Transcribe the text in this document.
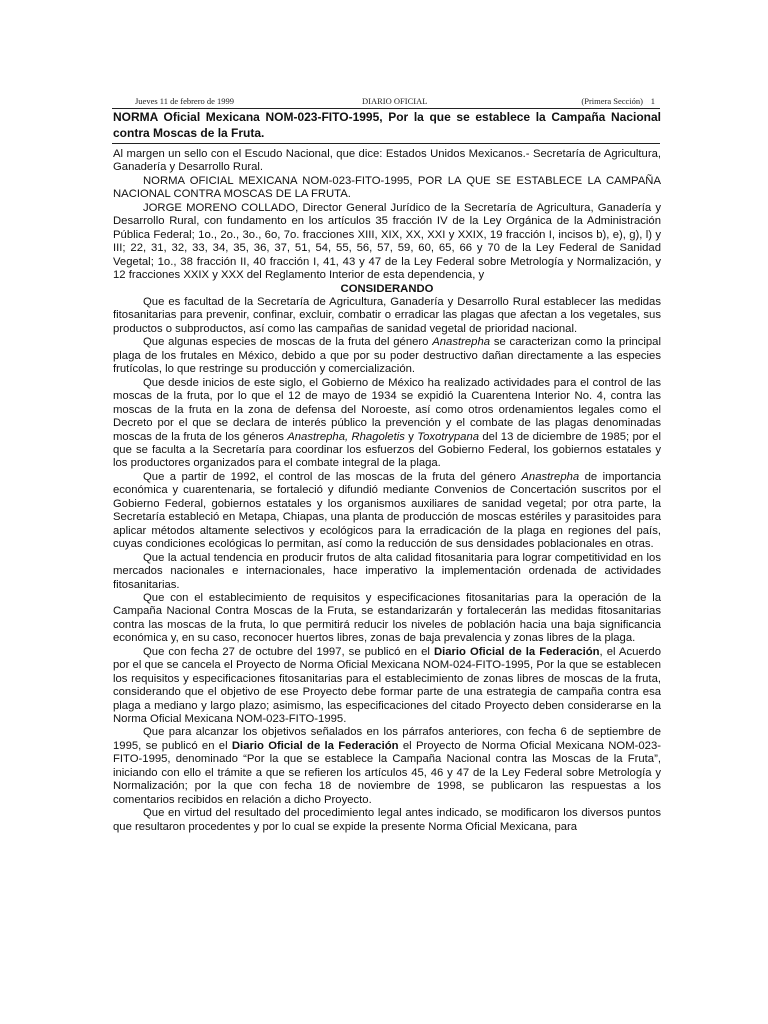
Jueves 11 de febrero de 1999	DIARIO OFICIAL	(Primera Sección) 1
NORMA Oficial Mexicana NOM-023-FITO-1995, Por la que se establece la Campaña Nacional contra Moscas de la Fruta.

Al margen un sello con el Escudo Nacional, que dice: Estados Unidos Mexicanos.- Secretaría de Agricultura, Ganadería y Desarrollo Rural.

NORMA OFICIAL MEXICANA NOM-023-FITO-1995, POR LA QUE SE ESTABLECE LA CAMPAÑA NACIONAL CONTRA MOSCAS DE LA FRUTA.

JORGE MORENO COLLADO, Director General Jurídico de la Secretaría de Agricultura, Ganadería y Desarrollo Rural, con fundamento en los artículos 35 fracción IV de la Ley Orgánica de la Administración Pública Federal; 1o., 2o., 3o., 6o, 7o. fracciones XIII, XIX, XX, XXI y XXIX, 19 fracción I, incisos b), e), g), l) y III; 22, 31, 32, 33, 34, 35, 36, 37, 51, 54, 55, 56, 57, 59, 60, 65, 66 y 70 de la Ley Federal de Sanidad Vegetal; 1o., 38 fracción II, 40 fracción I, 41, 43 y 47 de la Ley Federal sobre Metrología y Normalización, y 12 fracciones XXIX y XXX del Reglamento Interior de esta dependencia, y

CONSIDERANDO

Que es facultad de la Secretaría de Agricultura, Ganadería y Desarrollo Rural establecer las medidas fitosanitarias para prevenir, confinar, excluir, combatir o erradicar las plagas que afectan a los vegetales, sus productos o subproductos, así como las campañas de sanidad vegetal de prioridad nacional.

Que algunas especies de moscas de la fruta del género Anastrepha se caracterizan como la principal plaga de los frutales en México, debido a que por su poder destructivo dañan directamente a las especies frutícolas, lo que restringe su producción y comercialización.

Que desde inicios de este siglo, el Gobierno de México ha realizado actividades para el control de las moscas de la fruta, por lo que el 12 de mayo de 1934 se expidió la Cuarentena Interior No. 4, contra las moscas de la fruta en la zona de defensa del Noroeste, así como otros ordenamientos legales como el Decreto por el que se declara de interés público la prevención y el combate de las plagas denominadas moscas de la fruta de los géneros Anastrepha, Rhagoletis y Toxotrypana del 13 de diciembre de 1985; por el que se faculta a la Secretaría para coordinar los esfuerzos del Gobierno Federal, los gobiernos estatales y los productores organizados para el combate integral de la plaga.

Que a partir de 1992, el control de las moscas de la fruta del género Anastrepha de importancia económica y cuarentenaria, se fortaleció y difundió mediante Convenios de Concertación suscritos por el Gobierno Federal, gobiernos estatales y los organismos auxiliares de sanidad vegetal; por otra parte, la Secretaría estableció en Metapa, Chiapas, una planta de producción de moscas estériles y parasitoides para aplicar métodos altamente selectivos y ecológicos para la erradicación de la plaga en regiones del país, cuyas condiciones ecológicas lo permitan, así como la reducción de sus densidades poblacionales en otras.

Que la actual tendencia en producir frutos de alta calidad fitosanitaria para lograr competitividad en los mercados nacionales e internacionales, hace imperativo la implementación ordenada de actividades fitosanitarias.

Que con el establecimiento de requisitos y especificaciones fitosanitarias para la operación de la Campaña Nacional Contra Moscas de la Fruta, se estandarizarán y fortalecerán las medidas fitosanitarias contra las moscas de la fruta, lo que permitirá reducir los niveles de población hacia una baja significancia económica y, en su caso, reconocer huertos libres, zonas de baja prevalencia y zonas libres de la plaga.

Que con fecha 27 de octubre del 1997, se publicó en el Diario Oficial de la Federación, el Acuerdo por el que se cancela el Proyecto de Norma Oficial Mexicana NOM-024-FITO-1995, Por la que se establecen los requisitos y especificaciones fitosanitarias para el establecimiento de zonas libres de moscas de la fruta, considerando que el objetivo de ese Proyecto debe formar parte de una estrategia de campaña contra esa plaga a mediano y largo plazo; asimismo, las especificaciones del citado Proyecto deben considerarse en la Norma Oficial Mexicana NOM-023-FITO-1995.

Que para alcanzar los objetivos señalados en los párrafos anteriores, con fecha 6 de septiembre de 1995, se publicó en el Diario Oficial de la Federación el Proyecto de Norma Oficial Mexicana NOM-023-FITO-1995, denominado “Por la que se establece la Campaña Nacional contra las Moscas de la Fruta”, iniciando con ello el trámite a que se refieren los artículos 45, 46 y 47 de la Ley Federal sobre Metrología y Normalización; por la que con fecha 18 de noviembre de 1998, se publicaron las respuestas a los comentarios recibidos en relación a dicho Proyecto.

Que en virtud del resultado del procedimiento legal antes indicado, se modificaron los diversos puntos que resultaron procedentes y por lo cual se expide la presente Norma Oficial Mexicana, para
